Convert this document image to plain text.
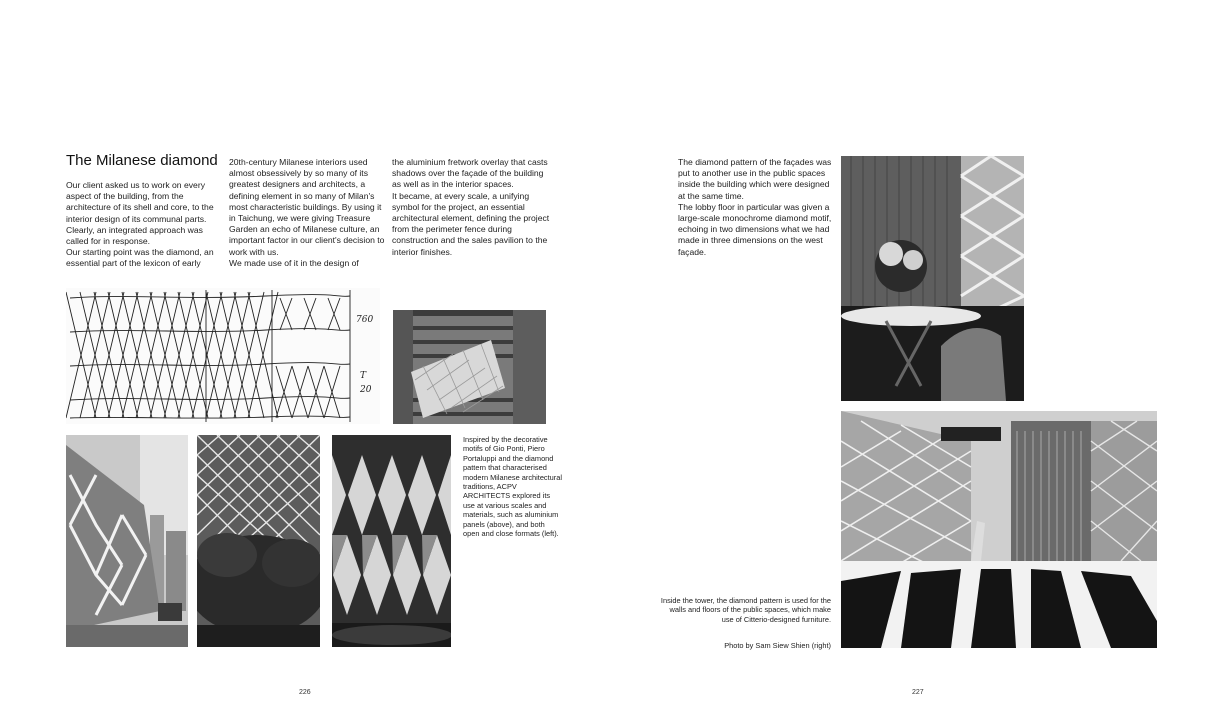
The Milanese diamond
Our client asked us to work on every aspect of the building, from the architecture of its shell and core, to the interior design of its communal parts. Clearly, an integrated approach was called for in response.
Our starting point was the diamond, an essential part of the lexicon of early
20th-century Milanese interiors used almost obsessively by so many of its greatest designers and architects, a defining element in so many of Milan's most characteristic buildings. By using it in Taichung, we were giving Treasure Garden an echo of Milanese culture, an important factor in our client's decision to work with us.
We made use of it in the design of
the aluminium fretwork overlay that casts shadows over the façade of the building as well as in the interior spaces.
It became, at every scale, a unifying symbol for the project, an essential architectural element, defining the project from the perimeter fence during construction and the sales pavilion to the interior finishes.
760
T
20
Inspired by the decorative motifs of Gio Ponti, Piero Portaluppi and the diamond pattern that characterised modern Milanese architectural traditions, ACPV ARCHITECTS explored its use at various scales and materials, such as aluminium panels (above), and both open and close formats (left).
The diamond pattern of the façades was put to another use in the public spaces inside the building which were designed at the same time.
The lobby floor in particular was given a large-scale monochrome diamond motif, echoing in two dimensions what we had made in three dimensions on the west façade.
Inside the tower, the diamond pattern is used for the walls and floors of the public spaces, which make use of Citterio-designed furniture.
Photo by Sam Siew Shien (right)
226	227
